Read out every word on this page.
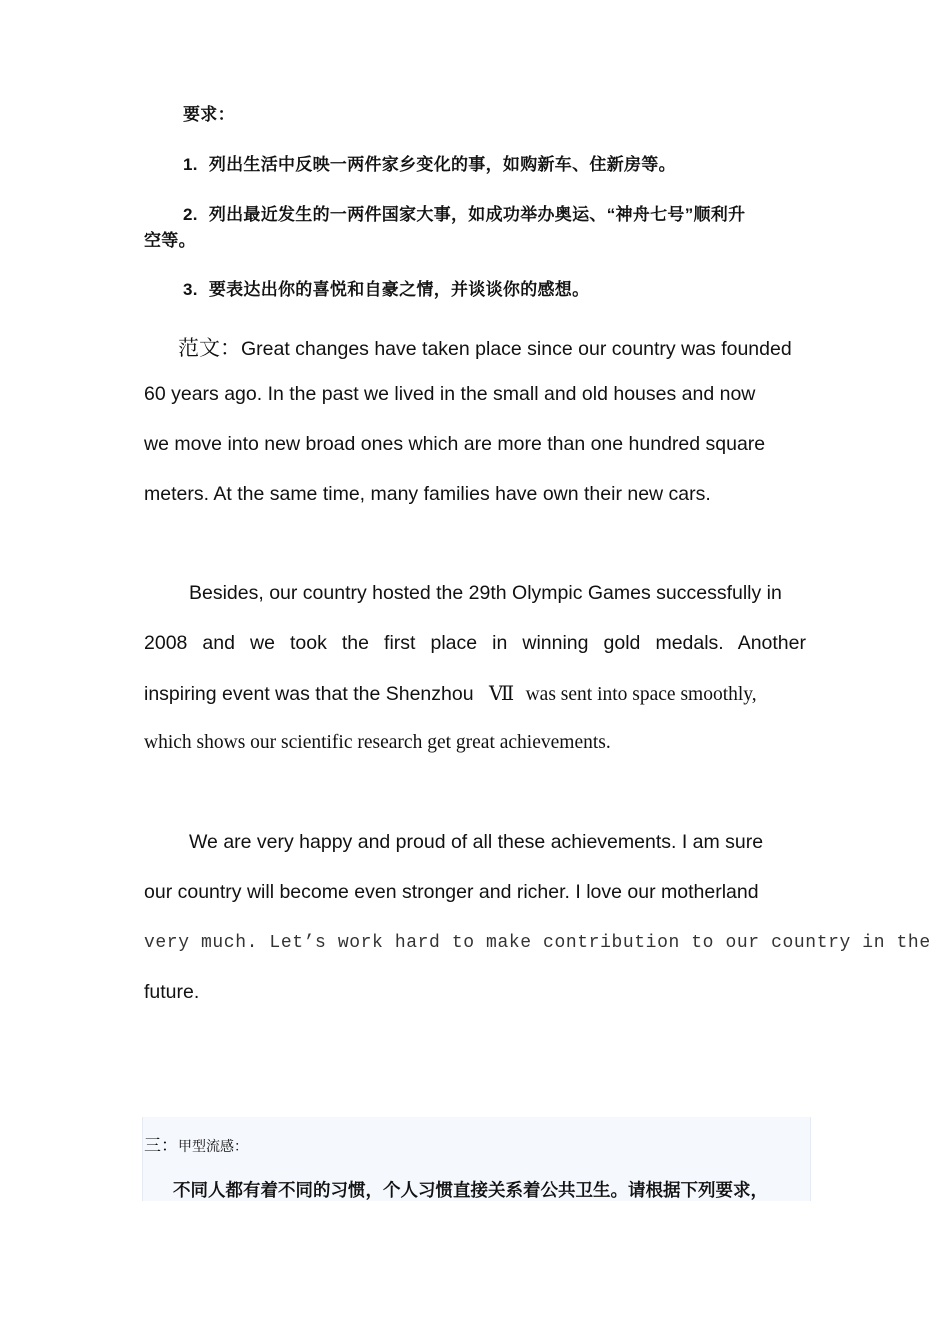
要求：
1. 列出生活中反映一两件家乡变化的事，如购新车、住新房等。
2. 列出最近发生的一两件国家大事，如成功举办奥运、“神舟七号”顺利升
空等。
3. 要表达出你的喜悦和自豪之情，并谈谈你的感想。
范文：Great changes have taken place since our country was founded
60 years ago. In the past we lived in the small and old houses and now
we move into new broad ones which are more than one hundred square
meters. At the same time, many families have own their new cars.
Besides, our country hosted the 29th Olympic Games successfully in
2008 and we took the first place in winning gold medals. Another
inspiring event was that the Shenzhou Ⅶ was sent into space smoothly,
which shows our scientific research get great achievements.
We are very happy and proud of all these achievements. I am sure
our country will become even stronger and richer. I love our motherland
very much. Let’s work hard to make contribution to our country in the
future.
三：甲型流感：
不同人都有着不同的习惯，个人习惯直接关系着公共卫生。请根据下列要求，
